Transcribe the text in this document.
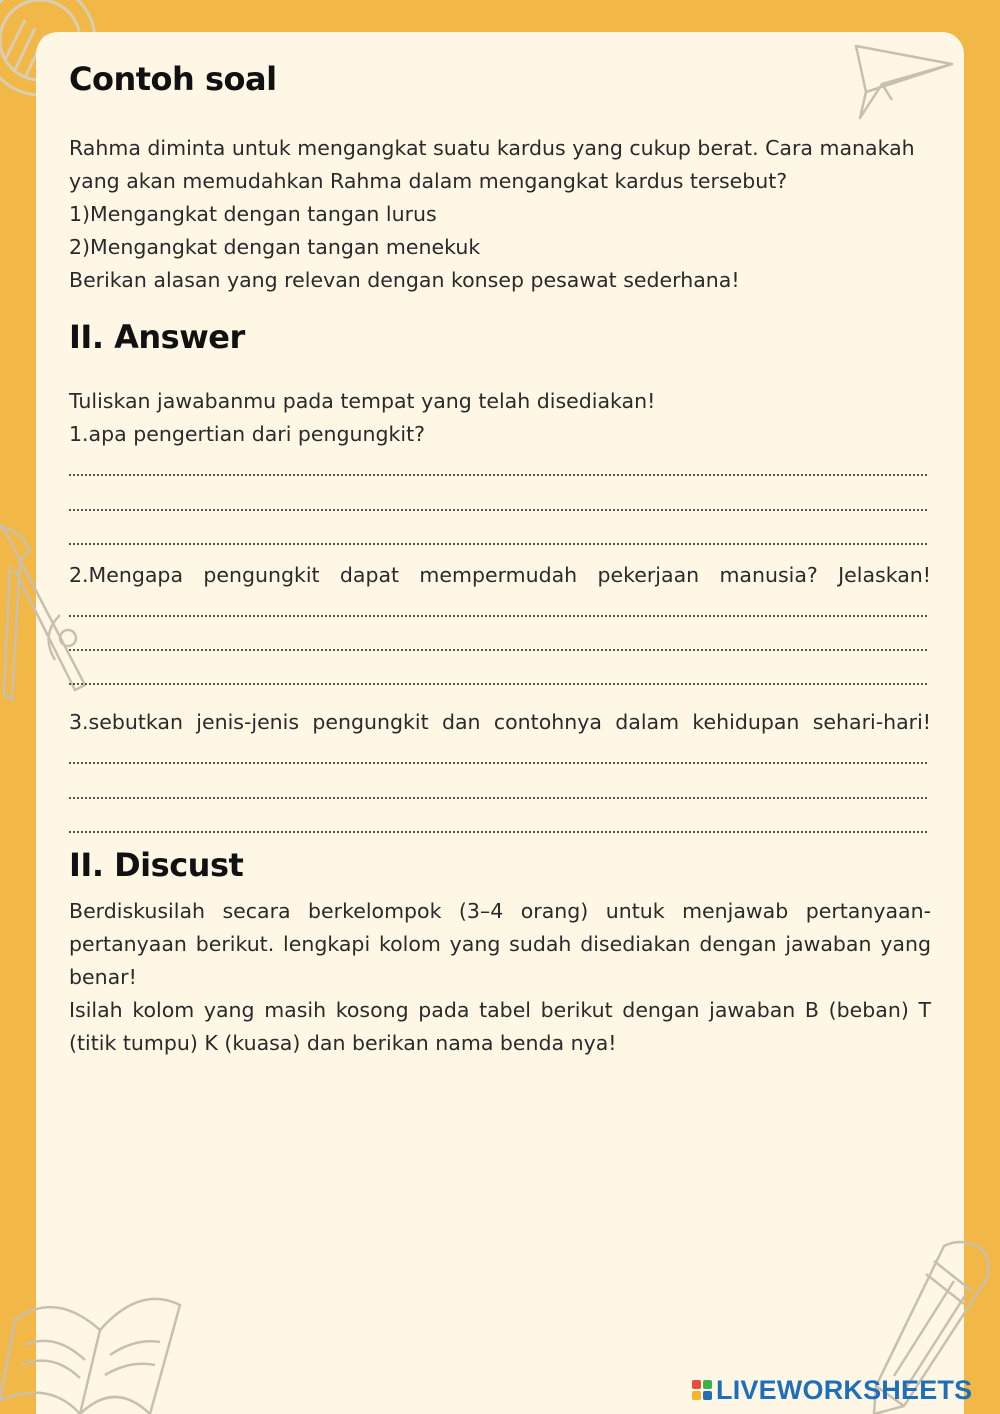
Contoh soal

Rahma diminta untuk mengangkat suatu kardus yang cukup berat. Cara manakah
yang akan memudahkan Rahma dalam mengangkat kardus tersebut?
1)Mengangkat dengan tangan lurus
2)Mengangkat dengan tangan menekuk
Berikan alasan yang relevan dengan konsep pesawat sederhana!

II. Answer

Tuliskan jawabanmu pada tempat yang telah disediakan!

1.apa pengertian dari pengungkit?

2.Mengapa pengungkit dapat mempermudah pekerjaan manusia? Jelaskan!

3.sebutkan jenis-jenis pengungkit dan contohnya dalam kehidupan sehari-hari!

II. Discust

Berdiskusilah secara berkelompok (3–4 orang) untuk menjawab pertanyaan-
pertanyaan berikut. lengkapi kolom yang sudah disediakan dengan jawaban yang
benar!
Isilah kolom yang masih kosong pada tabel berikut dengan jawaban B (beban) T
(titik tumpu) K (kuasa) dan berikan nama benda nya!

LIVEWORKSHEETS
